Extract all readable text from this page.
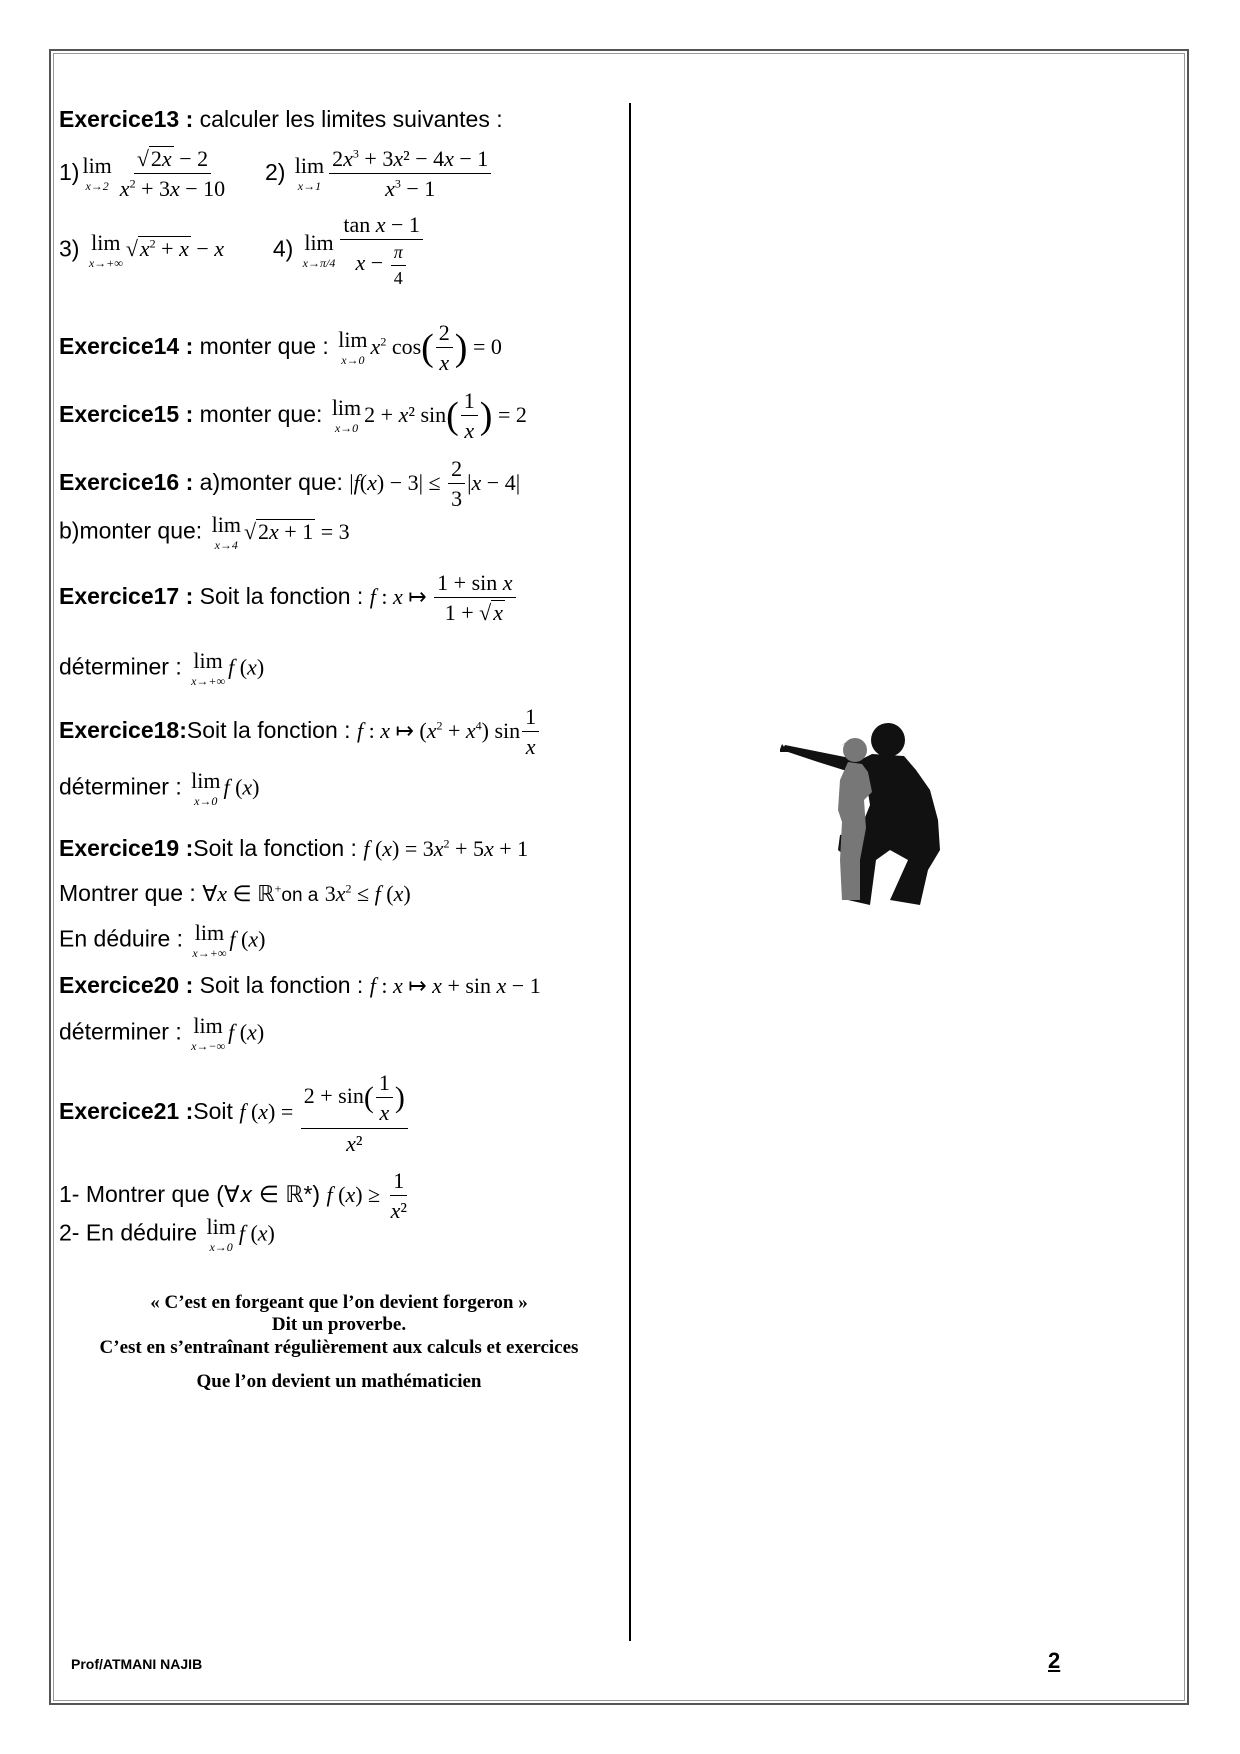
Exercice13 : calculer les limites suivantes :
1) lim
$x\to 2 \frac{√2x - 2}{x^2 + 3x - 10} 2$) lim
$x\to 1 \frac{2x^3 + 3x^2 - 4x - 1}{x^3 - 1}$
3) lim
x→+∞
$√x^2 + x - x$ 4) lim
$x\to\pi/4 \frac{\text{tan x − 1}}{x - \frac{\pi}{4}}$
Exercice14 : monter que : lim
x→0
$x^2$ $\cos( \frac{2}{x}$ ) = 0
Exercice15 : monter que: lim
x→0
2 + x² $\sin( \frac{1}{x}$ ) = 2
Exercice16 : a)monter que: $|f(x) - 3| \le \frac{2}{3} |x - 4|$
b)monter que: lim
x→4
√2x + 1 = 3
Exercice17 : Soit la fonction : f : x ↦ $\frac{\text{1 + sin x}}{1 + √x}$
déterminer : lim
x→+∞
f (x)
Exercice18:Soit la fonction : f : x ↦ $(x^2 + x^4)$ $\sin \frac{1}{x}$
déterminer : lim
x→0
f (x)
Exercice19 :Soit la fonction : f $(x) = 3x^2 + 5x + 1$
Montrer que : ∀x ∈ ℝ+on a $3x^2 \le f$ (x)
En déduire : lim
x→+∞
f (x)
Exercice20 : Soit la fonction : f : x ↦ x + sin x − 1
déterminer : lim
x→−∞
f (x)
Exercice21 :Soit f $(x) = \frac{2 + \sin( \frac{1}{x} )}{\text{x²}}$
1- Montrer que (∀𝑥 ∈ ℝ*) f $(x) \ge \frac{1}{\text{x²}}$
2- En déduire lim
x→0
f (x)
« C’est en forgeant que l’on devient forgeron »
Dit un proverbe.
C’est en s’entraînant régulièrement aux calculs et exercices
Que l’on devient un mathématicien
Prof/ATMANI NAJIB	2
